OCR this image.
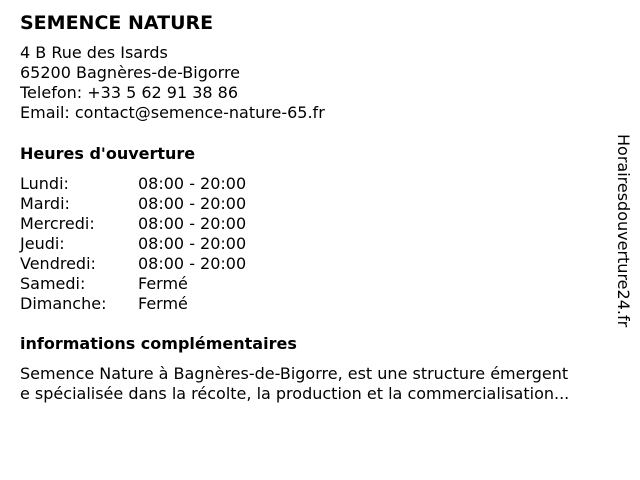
SEMENCE NATURE
4 B Rue des Isards
65200 Bagnères-de-Bigorre
Telefon: +33 5 62 91 38 86
Email: contact@semence-nature-65.fr
Heures d'ouverture
Lundi:	08:00 - 20:00
Mardi:	08:00 - 20:00
Mercredi:	08:00 - 20:00
Jeudi:	08:00 - 20:00
Vendredi:	08:00 - 20:00
Samedi:	Fermé
Dimanche: Fermé
informations complémentaires
Semence Nature à Bagnères-de-Bigorre, est une structure émergent
e spécialisée dans la récolte, la production et la commercialisation...
Horairesdouverture24.fr
